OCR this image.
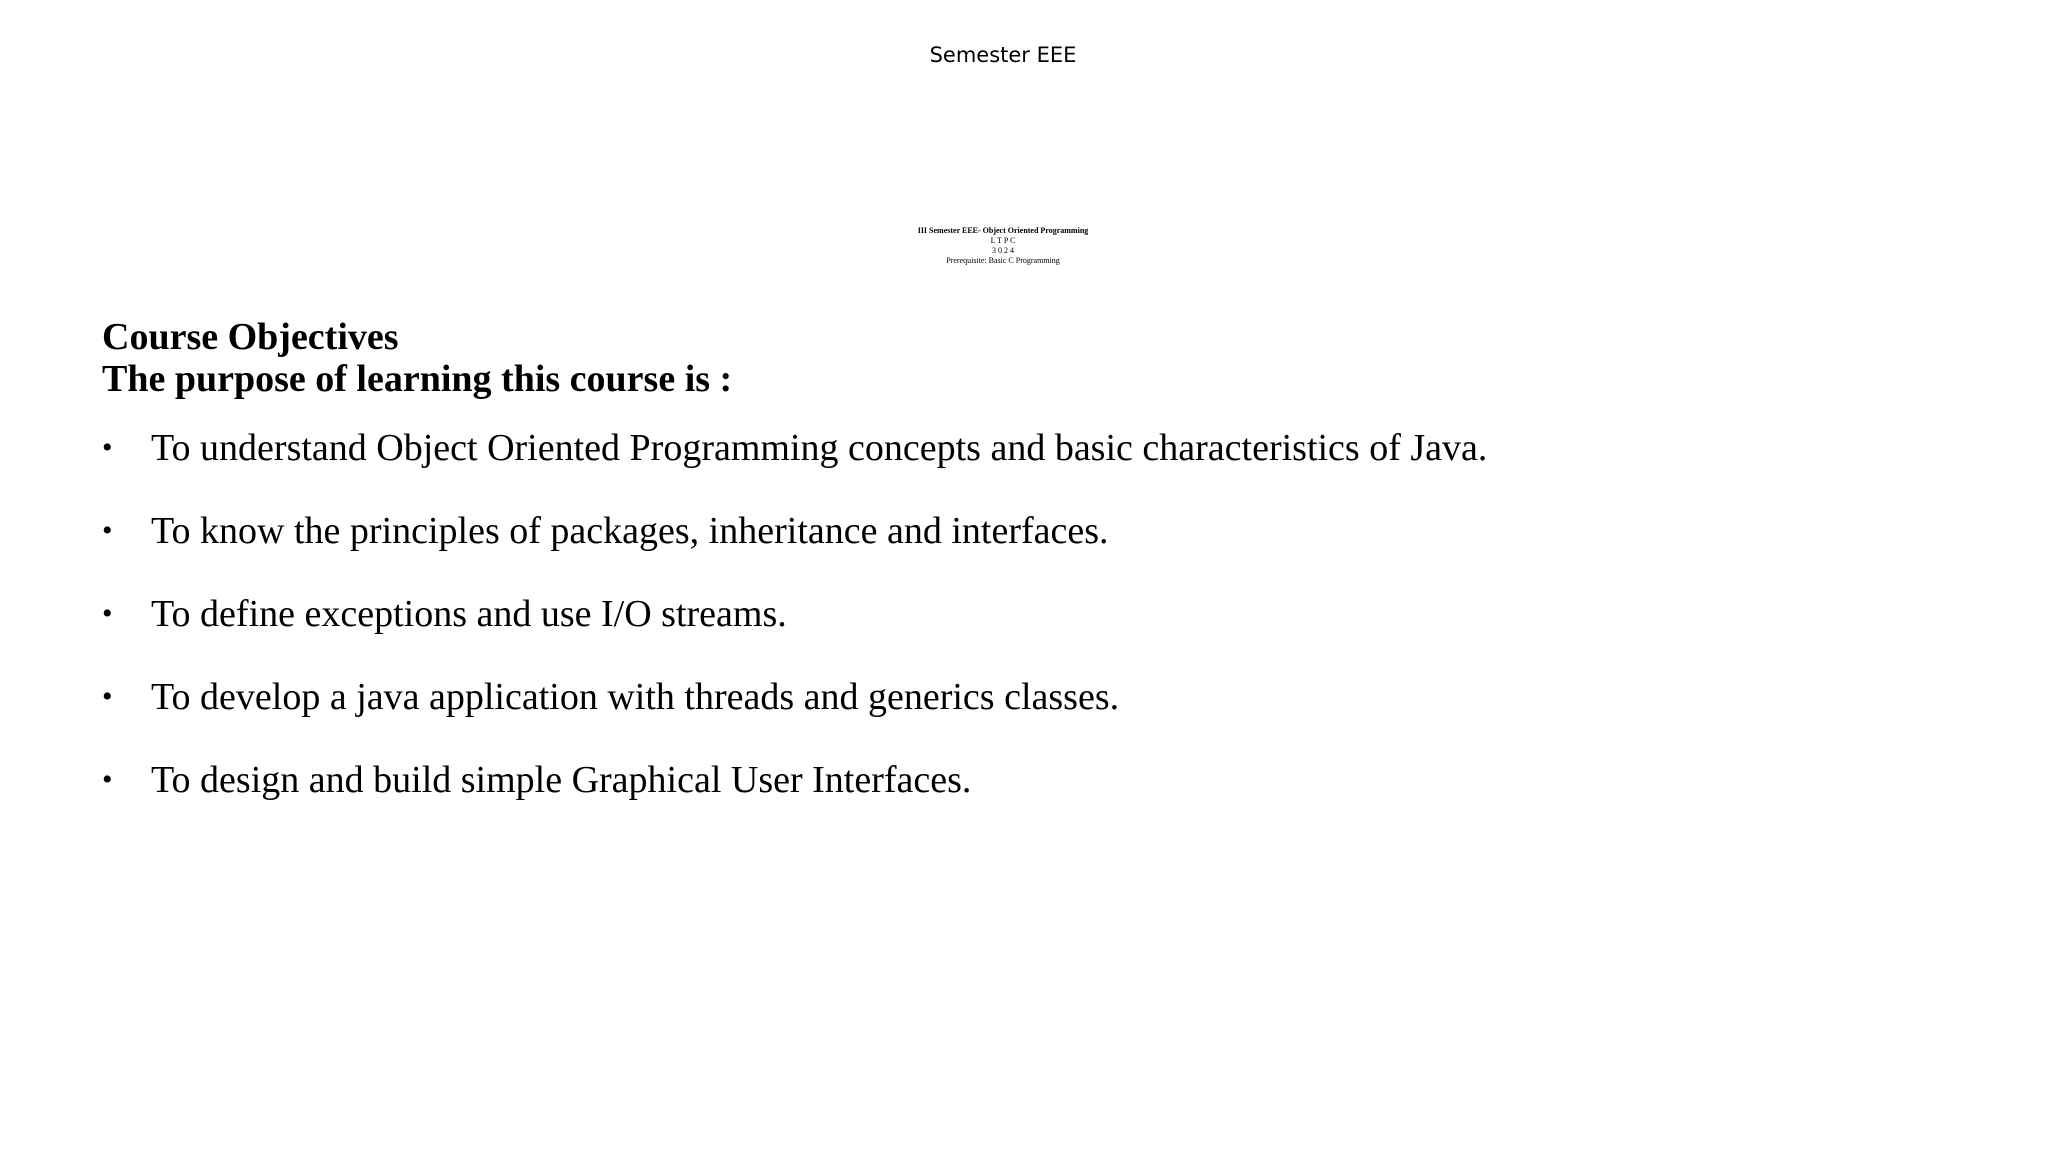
Semester EEE
III Semester EEE- Object Oriented Programming
L T P C
3 0 2 4
Prerequisite: Basic C Programming
Course Objectives
The purpose of learning this course is :
• To understand Object Oriented Programming concepts and basic characteristics of Java.
• To know the principles of packages, inheritance and interfaces.
• To define exceptions and use I/O streams.
• To develop a java application with threads and generics classes.
• To design and build simple Graphical User Interfaces.
